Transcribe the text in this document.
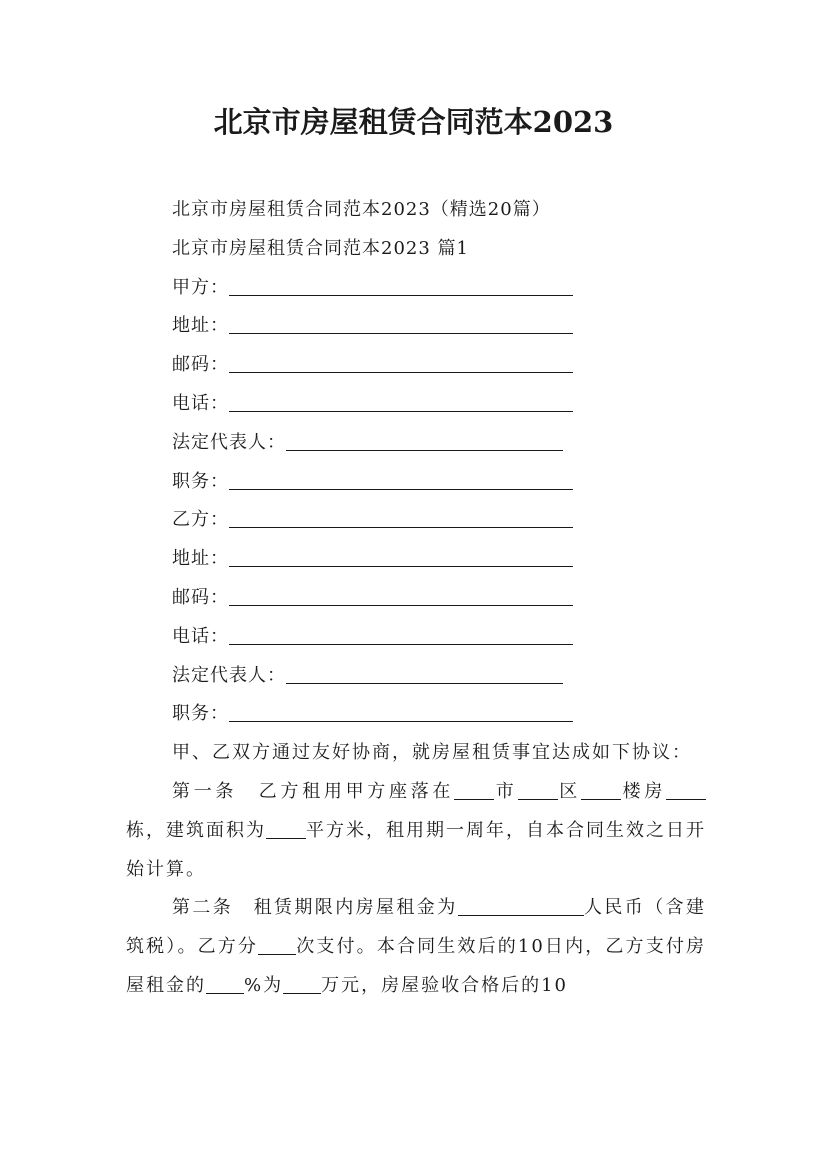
北京市房屋租赁合同范本2023
北京市房屋租赁合同范本2023（精选20篇）
北京市房屋租赁合同范本2023 篇1
甲方：
地址：
邮码：
电话：
法定代表人：
职务：
乙方：
地址：
邮码：
电话：
法定代表人：
职务：

甲、乙双方通过友好协商，就房屋租赁事宜达成如下协议：

第一条　乙方租用甲方座落在 市 区 楼房栋，建筑面积为 平方米，租用期一周年，自本合同生效之日开始计算。

第二条　租赁期限内房屋租金为	人民币（含建筑税）。乙方分 次支付。本合同生效后的10日内，乙方支付房屋租金的 %为 万元，房屋验收合格后的10
